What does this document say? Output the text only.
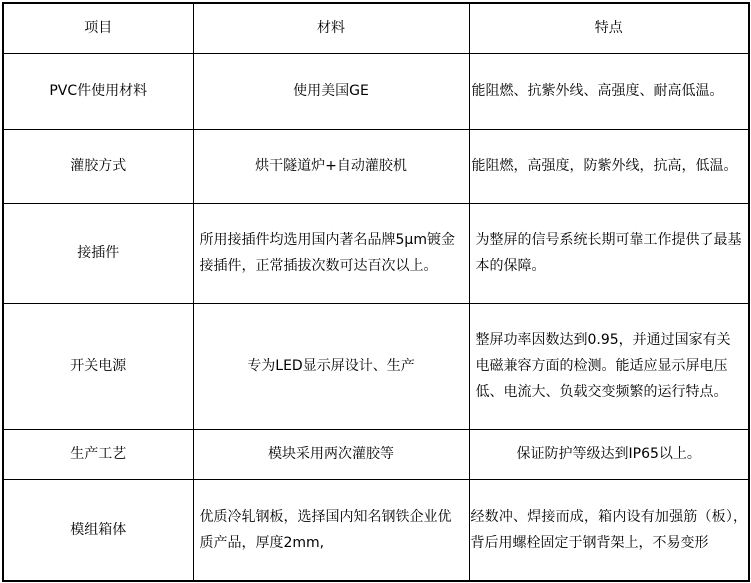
项目	材料	特点
PVC件使用材料	使用美国GE	能阻燃、抗紫外线、高强度、耐高低温。

灌胶方式	烘干隧道炉+自动灌胶机	能阻燃，高强度，防紫外线，抗高，低温。

接插件	所用接插件均选用国内著名品牌5μm镀金接插件，正常插拔次数可达百次以上。	为整屏的信号系统长期可靠工作提供了最基本的保障。

开关电源	专为LED显示屏设计、生产	整屏功率因数达到0.95，并通过国家有关电磁兼容方面的检测。能适应显示屏电压低、电流大、负载交变频繁的运行特点。

生产工艺	模块采用两次灌胶等	保证防护等级达到IP65以上。
模组箱体	优质冷轧钢板，选择国内知名钢铁企业优质产品，厚度2mm,	经数冲、焊接而成，箱内设有加强筋（板），背后用螺栓固定于钢背架上，不易变形
